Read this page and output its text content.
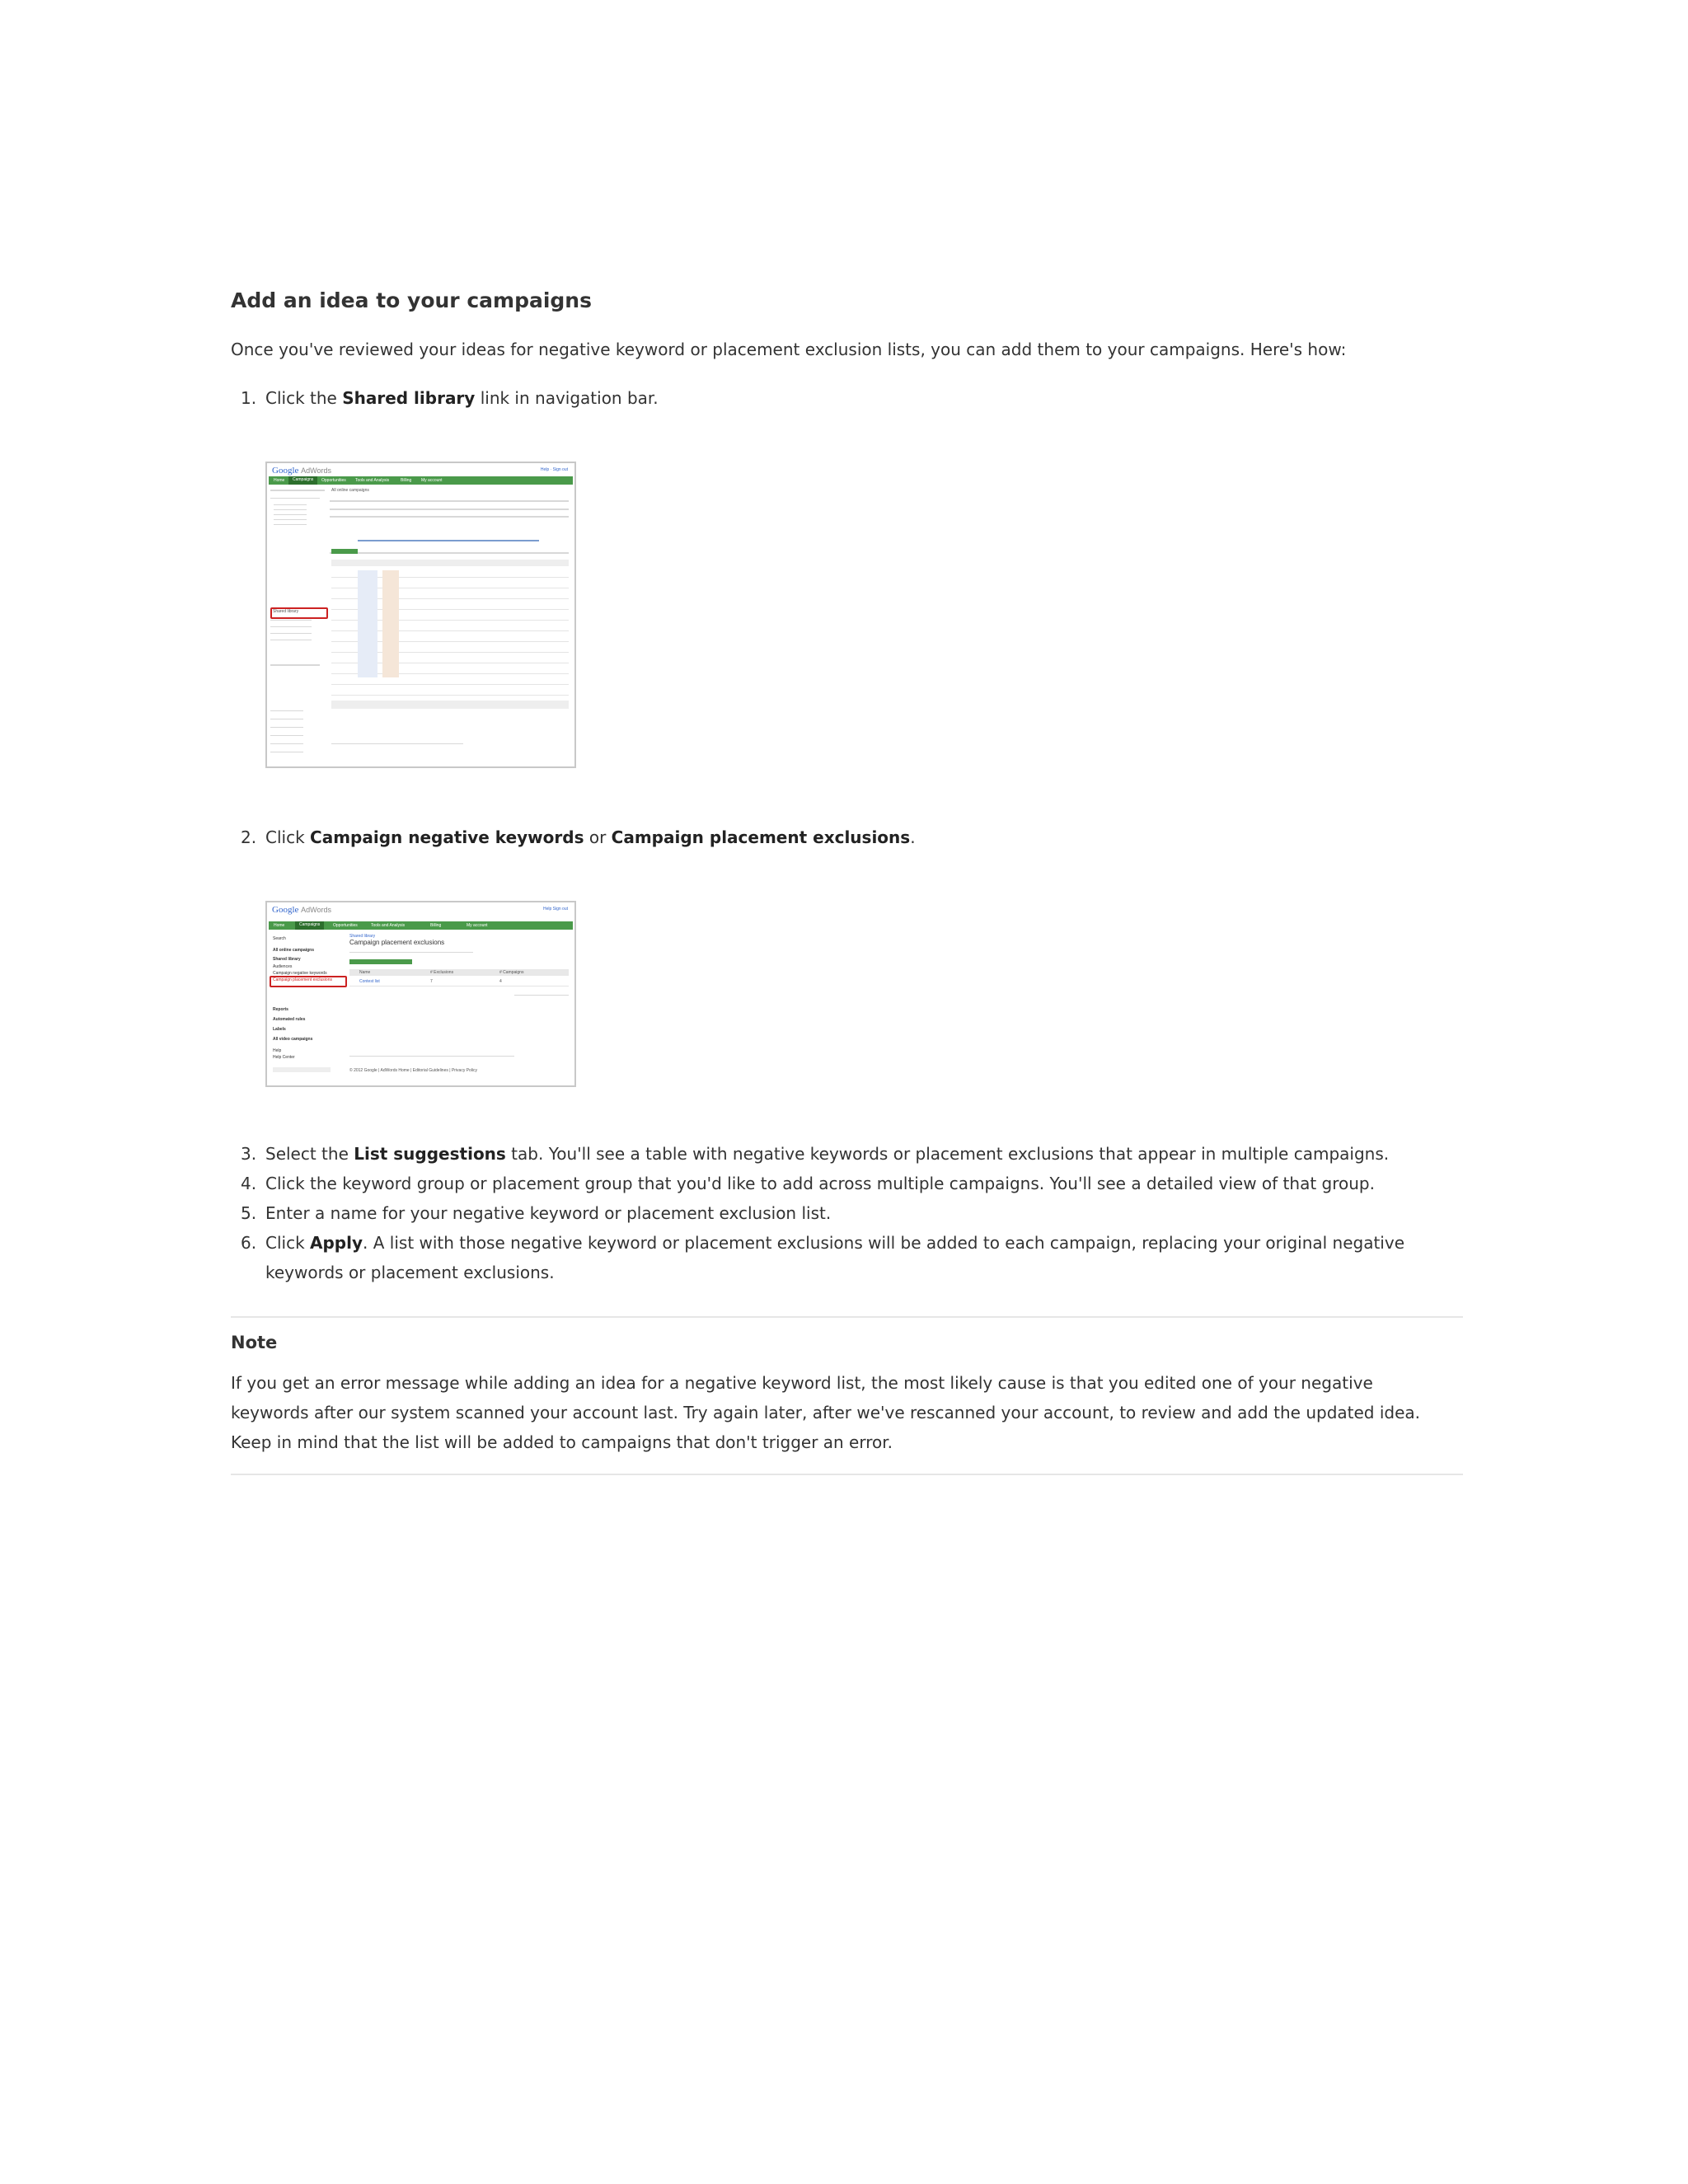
Add an idea to your campaigns

Once you've reviewed your ideas for negative keyword or placement exclusion lists, you can add them to your campaigns. Here's how:

1. Click the Shared library link in navigation bar.
Google AdWords	Help · Sign out
Home	Campaigns	Opportunities Tools and Analysis	Billing My account
All online campaigns
Shared library
2. Click Campaign negative keywords or Campaign placement exclusions.
Google AdWords	Help Sign out
Home	Campaigns	Opportunities	Tools and Analysis	Billing	My account
Search
All online campaigns
Shared library
Audiences
Campaign negative keywords
Campaign placement exclusions
Reports
Automated rules
Labels
All video campaigns
Help
Help Center
Shared library
Campaign placement exclusions
Name	# Exclusions	# Campaigns
Contest list	7	4
© 2012 Google | AdWords Home | Editorial Guidelines | Privacy Policy
3. Select the List suggestions tab. You'll see a table with negative keywords or placement exclusions that appear in multiple campaigns.
4. Click the keyword group or placement group that you'd like to add across multiple campaigns. You'll see a detailed view of that group.
5. Enter a name for your negative keyword or placement exclusion list.
6. Click Apply. A list with those negative keyword or placement exclusions will be added to each campaign, replacing your original negative keywords or placement exclusions.
Note

If you get an error message while adding an idea for a negative keyword list, the most likely cause is that you edited one of your negative keywords after our system scanned your account last. Try again later, after we've rescanned your account, to review and add the updated idea. Keep in mind that the list will be added to campaigns that don't trigger an error.
